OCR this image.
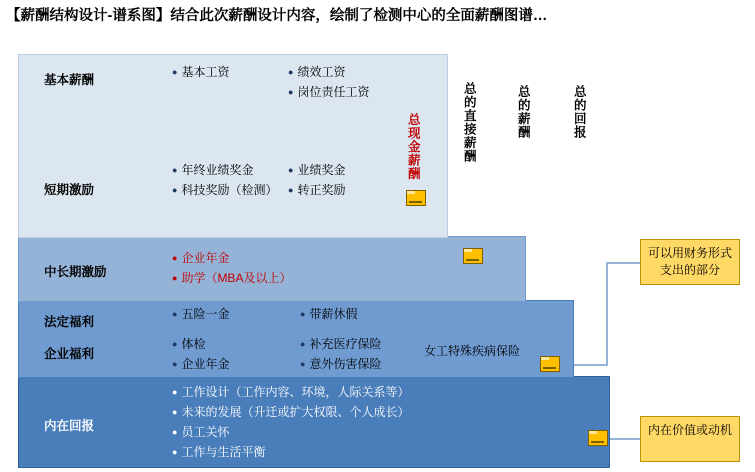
【薪酬结构设计-谱系图】结合此次薪酬设计内容，绘制了检测中心的全面薪酬图谱…
总现金薪酬	总的直接薪酬	总的薪酬	总的回报
基本薪酬
● 基本工资	● 绩效工资
● 岗位责任工资
短期激励
● 年终业绩奖金
● 科技奖励（检测）
● 业绩奖金
● 转正奖励
中长期激励
● 企业年金
● 助学（MBA及以上）
法定福利
● 五险一金	● 带薪休假
企业福利
● 体检
● 企业年金
● 补充医疗保险
● 意外伤害保险
女工特殊疾病保险
内在回报
● 工作设计（工作内容、环境，人际关系等）
● 未来的发展（升迁或扩大权限、个人成长）
● 员工关怀
● 工作与生活平衡
可以用财务形式支出的部分
内在价值或动机
